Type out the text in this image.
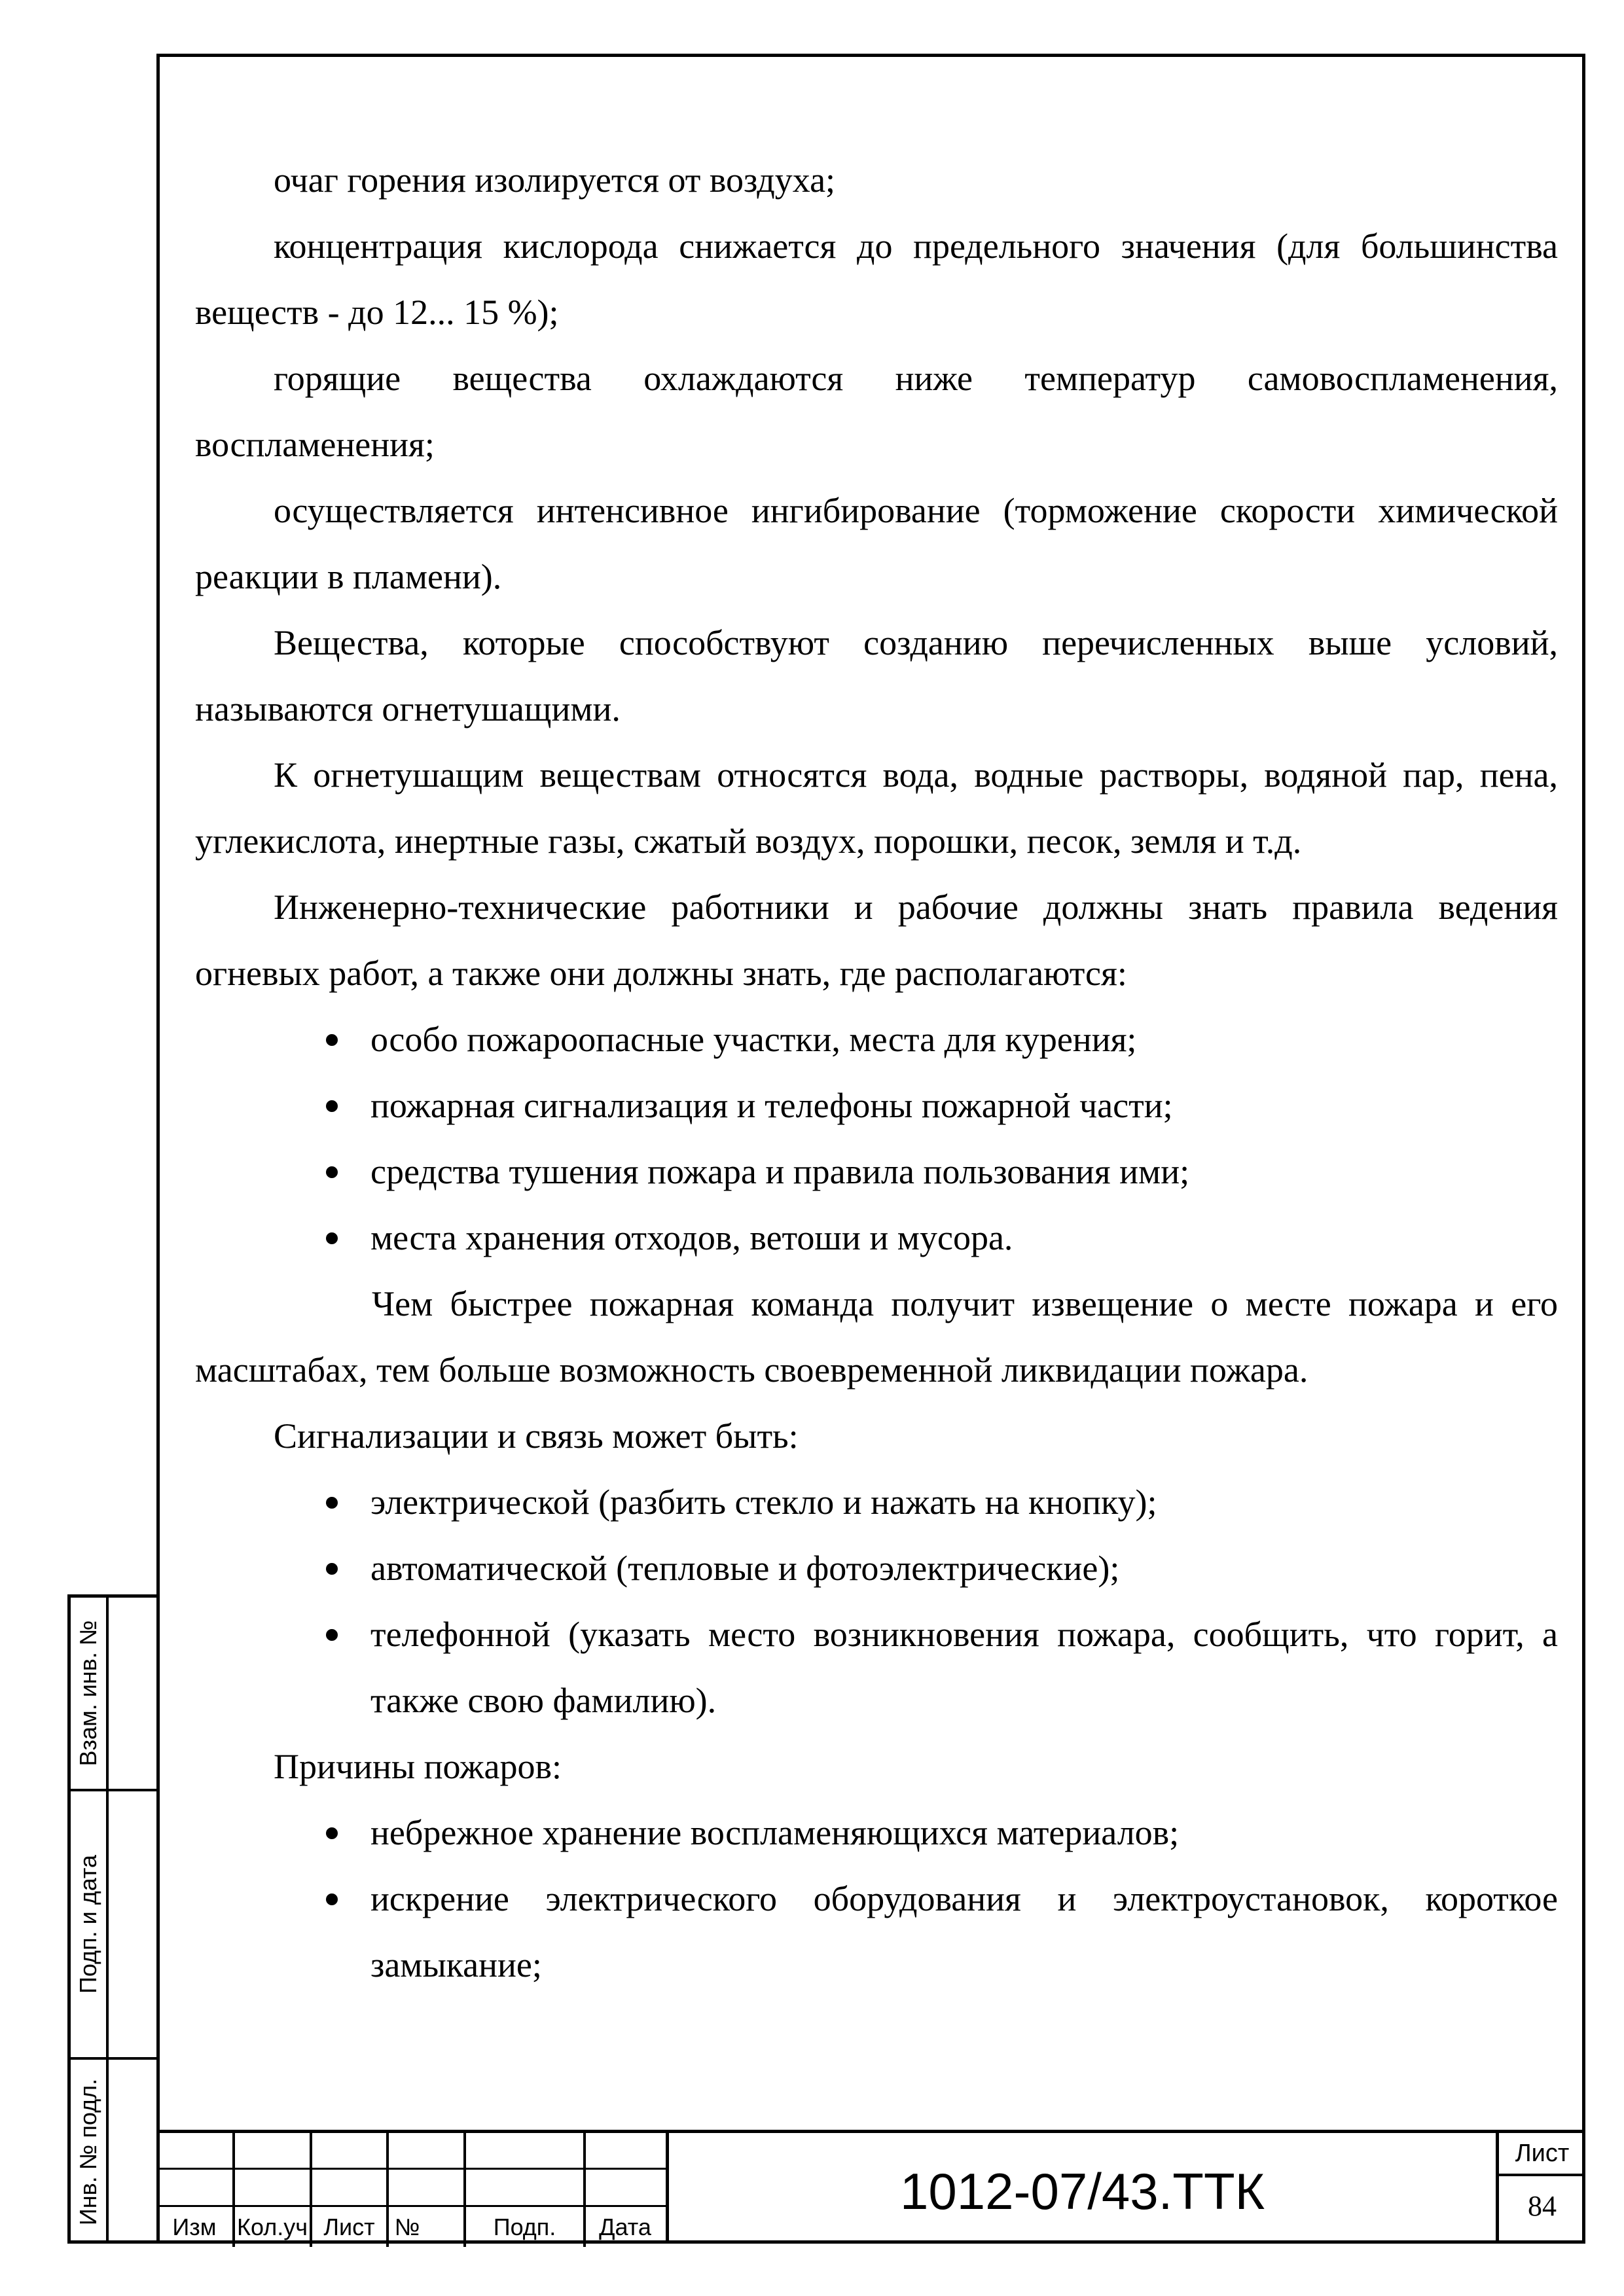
Взам. инв. №
Подп. и дата
Инв. № подл.

очаг горения изолируется от воздуха;

концентрация кислорода снижается до предельного значения (для большинства веществ - до 12... 15 %);

горящие вещества охлаждаются ниже температур самовоспламенения, воспламенения;

осуществляется интенсивное ингибирование (торможение скорости химической реакции в пламени).

Вещества, которые способствуют созданию перечисленных выше условий, называются огнетушащими.

К огнетушащим веществам относятся вода, водные растворы, водяной пар, пена, углекислота, инертные газы, сжатый воздух, порошки, песок, земля и т.д.

Инженерно-технические работники и рабочие должны знать правила ведения огневых работ, а также они должны знать, где располагаются:

особо пожароопасные участки, места для курения;
пожарная сигнализация и телефоны пожарной части;
средства тушения пожара и правила пользования ими;
места хранения отходов, ветоши и мусора.

Чем быстрее пожарная команда получит извещение о месте пожара и его масштабах, тем больше возможность своевременной ликвидации пожара.

Сигнализации и связь может быть:

электрической (разбить стекло и нажать на кнопку);
автоматической (тепловые и фотоэлектрические);
телефонной (указать место возникновения пожара, сообщить, что горит, а также свою фамилию).

Причины пожаров:

небрежное хранение воспламеняющихся материалов;
искрение электрического оборудования и электроустановок, короткое замыкание;
Изм Кол.уч Лист №	Подп.	Дата
1012-07/43.ТТК
Лист
84
